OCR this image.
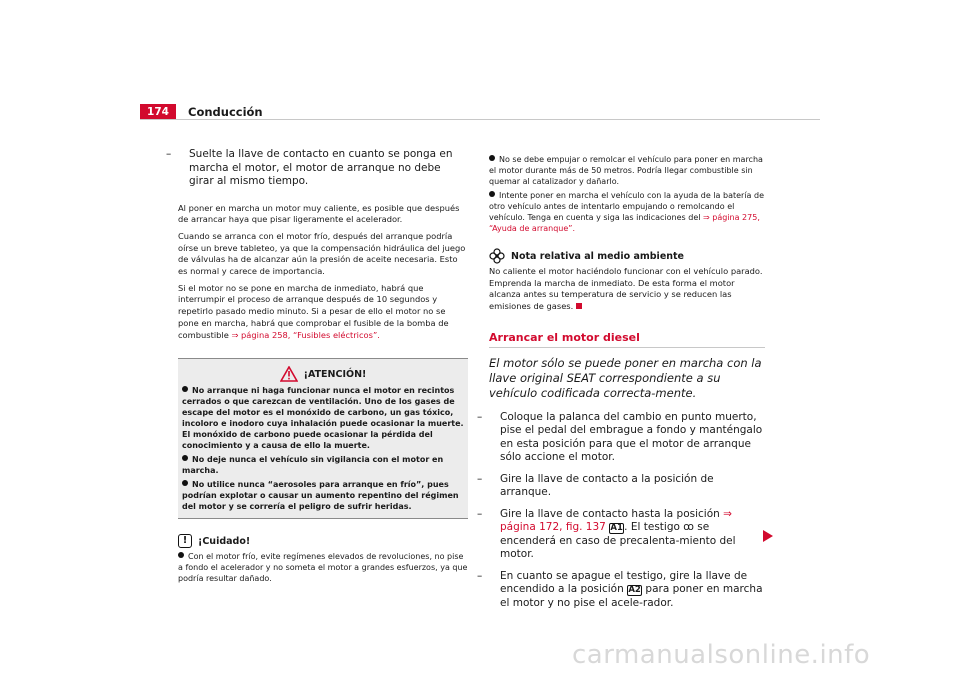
174	Conducción
– Suelte la llave de contacto en cuanto se ponga en marcha el motor, el motor de arranque no debe girar al mismo tiempo.

Al poner en marcha un motor muy caliente, es posible que después de arrancar haya que pisar ligeramente el acelerador.

Cuando se arranca con el motor frío, después del arranque podría oírse un breve tableteo, ya que la compensación hidráulica del juego de válvulas ha de alcanzar aún la presión de aceite necesaria. Esto es normal y carece de importancia.

Si el motor no se pone en marcha de inmediato, habrá que interrumpir el proceso de arranque después de 10 segundos y repetirlo pasado medio minuto. Si a pesar de ello el motor no se pone en marcha, habrá que comprobar el fusible de la bomba de combustible ⇒ página 258, “Fusibles eléctricos”.

¡ATENCIÓN!

No arranque ni haga funcionar nunca el motor en recintos cerrados o que carezcan de ventilación. Uno de los gases de escape del motor es el monóxido de carbono, un gas tóxico, incoloro e inodoro cuya inhalación puede ocasionar la muerte. El monóxido de carbono puede ocasionar la pérdida del conocimiento y a causa de ello la muerte.

No deje nunca el vehículo sin vigilancia con el motor en marcha.

No utilice nunca “aerosoles para arranque en frío”, pues podrían explotar o causar un aumento repentino del régimen del motor y se correría el peligro de sufrir heridas.

!	¡Cuidado!

Con el motor frío, evite regímenes elevados de revoluciones, no pise a fondo el acelerador y no someta el motor a grandes esfuerzos, ya que podría resultar dañado.

No se debe empujar o remolcar el vehículo para poner en marcha el motor durante más de 50 metros. Podría llegar combustible sin quemar al catalizador y dañarlo.

Intente poner en marcha el vehículo con la ayuda de la batería de otro vehículo antes de intentarlo empujando o remolcando el vehículo. Tenga en cuenta y siga las indicaciones del ⇒ página 275, “Ayuda de arranque”.

Nota relativa al medio ambiente

No caliente el motor haciéndolo funcionar con el vehículo parado. Emprenda la marcha de inmediato. De esta forma el motor alcanza antes su temperatura de servicio y se reducen las emisiones de gases.

Arrancar el motor diesel

El motor sólo se puede poner en marcha con la llave original SEAT correspondiente a su vehículo codificada correcta-mente.

– Coloque la palanca del cambio en punto muerto, pise el pedal del embrague a fondo y manténgalo en esta posición para que el motor de arranque sólo accione el motor.
– Gire la llave de contacto a la posición de arranque.
– Gire la llave de contacto hasta la posición ⇒ página 172, fig. 137 A1. El testigo ꝏ se encenderá en caso de precalenta-miento del motor.
– En cuanto se apague el testigo, gire la llave de encendido a la posición A2 para poner en marcha el motor y no pise el acele-rador.
carmanualsonline.info
